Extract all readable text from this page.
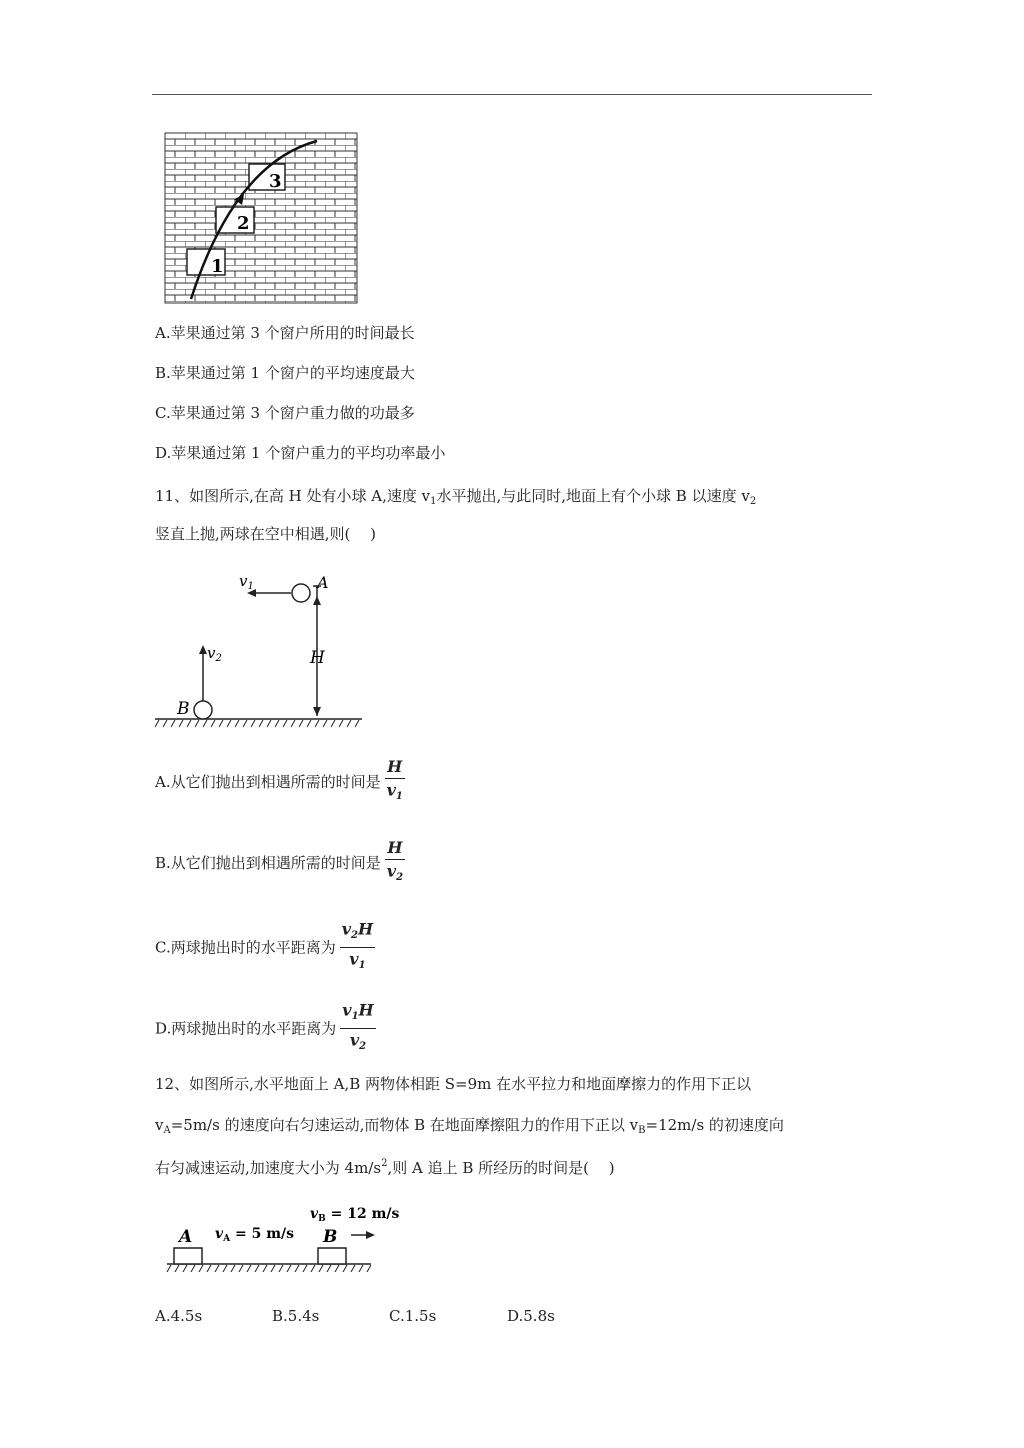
1
2
3
A.苹果通过第 3 个窗户所用的时间最长
B.苹果通过第 1 个窗户的平均速度最大
C.苹果通过第 3 个窗户重力做的功最多
D.苹果通过第 1 个窗户重力的平均功率最小
11、如图所示,在高 H 处有小球 A,速度 $v_1$水平抛出,与此同时,地面上有个小球 B 以速度 $v_2$
竖直上抛,两球在空中相遇,则(　 )
$v_1$	A
$v_2$	H
B
A.从它们抛出到相遇所需的时间是 $\frac{H}{v_1}$
B.从它们抛出到相遇所需的时间是 $\frac{H}{v_2}$
C.两球抛出时的水平距离为 $\frac{v_2H}{v_1}$
D.两球抛出时的水平距离为 $\frac{v_1H}{v_2}$
12、如图所示,水平地面上 A,B 两物体相距 S=9m 在水平拉力和地面摩擦力的作用下正以
$v_A=5m/s$ 的速度向右匀速运动,而物体 B 在地面摩擦阻力的作用下正以 $v_B=12m/s$ 的初速度向
右匀减速运动,加速度大小为 $4m/s^2$,则 A 追上 B 所经历的时间是(　 )
A $v_A = 5$ m/s B
$v_B = 12$ m/s
A.4.5s	B.5.4s	C.1.5s	D.5.8s
